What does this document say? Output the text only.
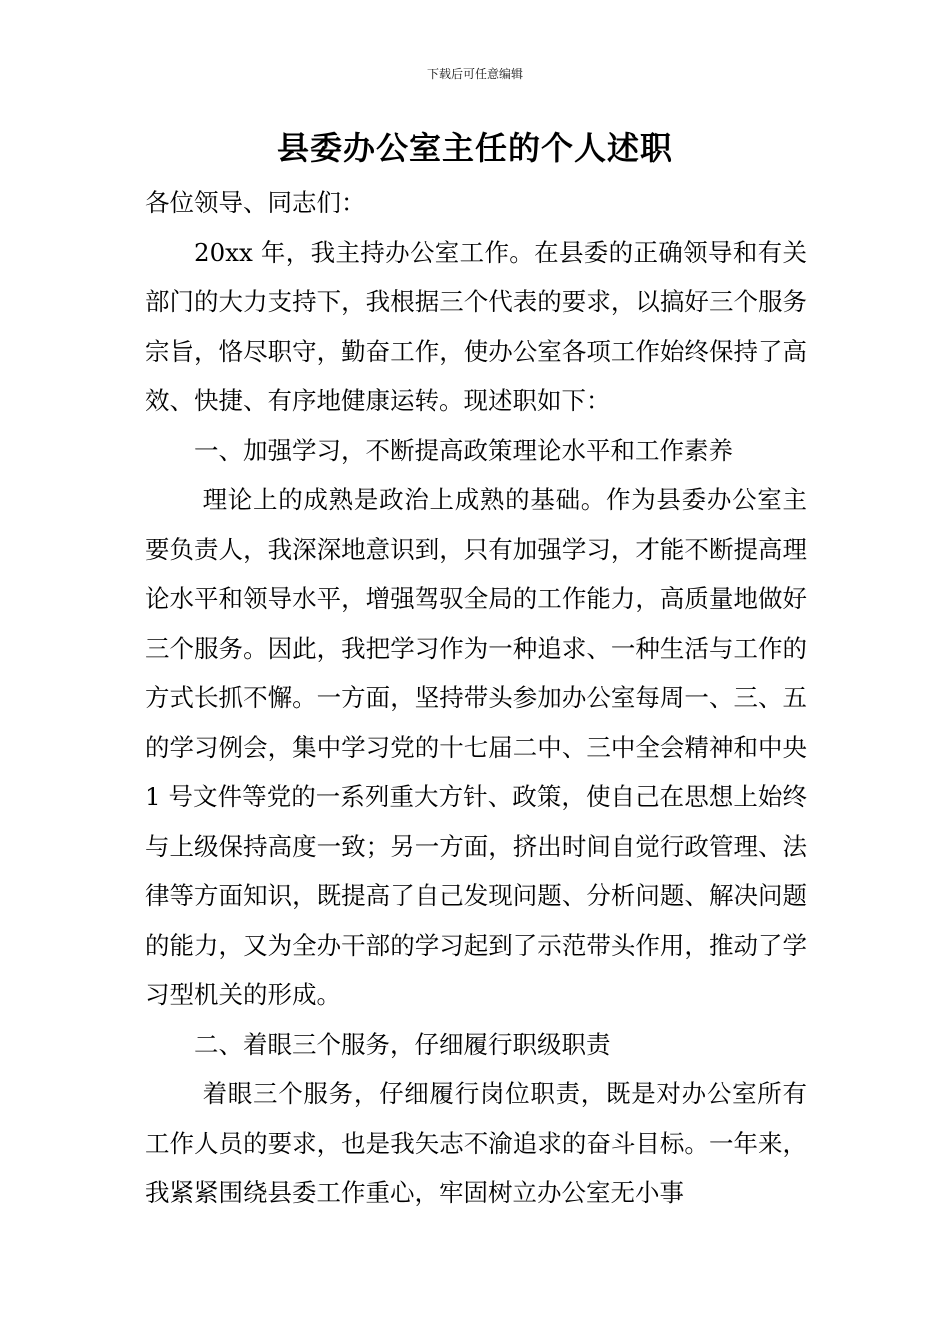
下载后可任意编辑
县委办公室主任的个人述职

各位领导、同志们：

20xx 年，我主持办公室工作。在县委的正确领导和有关部门的大力支持下，我根据三个代表的要求，以搞好三个服务宗旨，恪尽职守，勤奋工作，使办公室各项工作始终保持了高效、快捷、有序地健康运转。现述职如下：

一、加强学习，不断提高政策理论水平和工作素养

理论上的成熟是政治上成熟的基础。作为县委办公室主要负责人，我深深地意识到，只有加强学习，才能不断提高理论水平和领导水平，增强驾驭全局的工作能力，高质量地做好三个服务。因此，我把学习作为一种追求、一种生活与工作的方式长抓不懈。一方面，坚持带头参加办公室每周一、三、五的学习例会，集中学习党的十七届二中、三中全会精神和中央 1 号文件等党的一系列重大方针、政策，使自己在思想上始终与上级保持高度一致；另一方面，挤出时间自觉行政管理、法律等方面知识，既提高了自己发现问题、分析问题、解决问题的能力，又为全办干部的学习起到了示范带头作用，推动了学习型机关的形成。

二、着眼三个服务，仔细履行职级职责

着眼三个服务，仔细履行岗位职责，既是对办公室所有工作人员的要求，也是我矢志不渝追求的奋斗目标。一年来，我紧紧围绕县委工作重心，牢固树立办公室无小事
